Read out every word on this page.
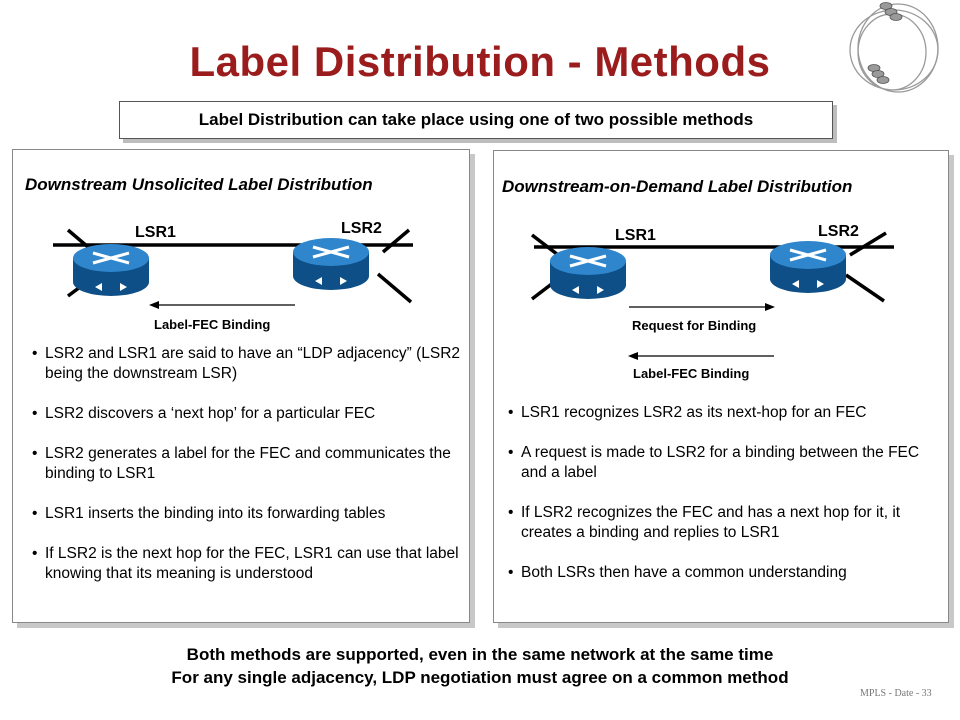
Label Distribution - Methods
Label Distribution can take place using one of two possible methods
Downstream Unsolicited Label Distribution
LSR1	LSR2
Label-FEC Binding
• LSR2 and LSR1 are said to have an “LDP adjacency” (LSR2 being the downstream LSR)
• LSR2 discovers a ‘next hop’ for a particular FEC
• LSR2 generates a label for the FEC and communicates the binding to LSR1
• LSR1 inserts the binding into its forwarding tables
• If LSR2 is the next hop for the FEC, LSR1 can use that label knowing that its meaning is understood
Downstream-on-Demand Label Distribution
LSR1	LSR2
Request for Binding
Label-FEC Binding
• LSR1 recognizes LSR2 as its next-hop for an FEC
• A request is made to LSR2 for a binding between the FEC and a label
• If LSR2 recognizes the FEC and has a next hop for it, it creates a binding and replies to LSR1
• Both LSRs then have a common understanding
Both methods are supported, even in the same network at the same time
For any single adjacency, LDP negotiation must agree on a common method
MPLS - Date - 33
